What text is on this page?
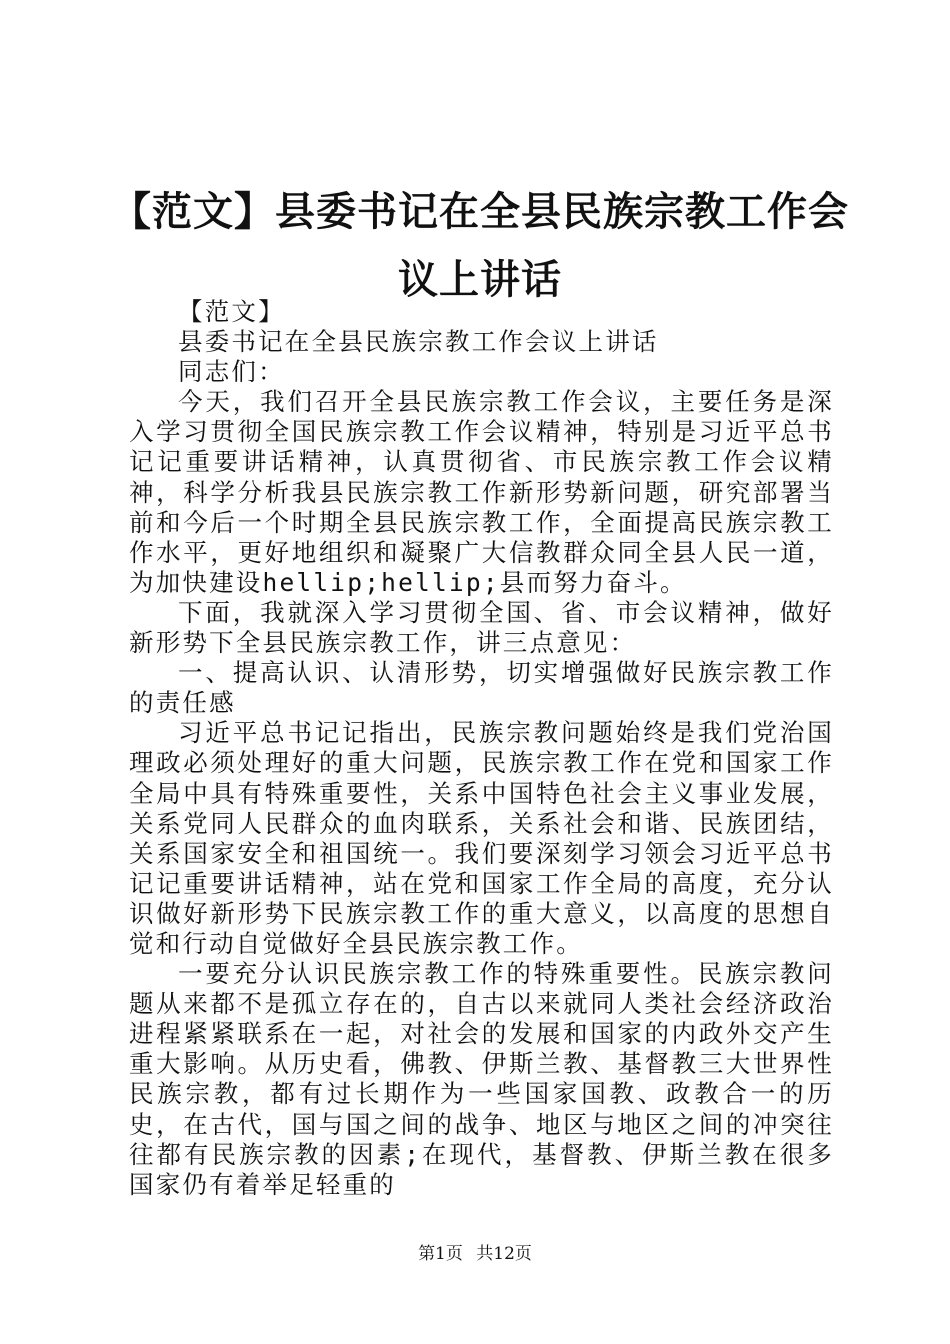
【范文】县委书记在全县民族宗教工作会议上讲话

【范文】

县委书记在全县民族宗教工作会议上讲话

同志们：

今天，我们召开全县民族宗教工作会议，主要任务是深入学习贯彻全国民族宗教工作会议精神，特别是习近平总书记记重要讲话精神，认真贯彻省、市民族宗教工作会议精神，科学分析我县民族宗教工作新形势新问题，研究部署当前和今后一个时期全县民族宗教工作，全面提高民族宗教工作水平，更好地组织和凝聚广大信教群众同全县人民一道，为加快建设hellip;hellip;县而努力奋斗。

下面，我就深入学习贯彻全国、省、市会议精神，做好新形势下全县民族宗教工作，讲三点意见：

一、提高认识、认清形势，切实增强做好民族宗教工作的责任感

习近平总书记记指出，民族宗教问题始终是我们党治国理政必须处理好的重大问题，民族宗教工作在党和国家工作全局中具有特殊重要性，关系中国特色社会主义事业发展，关系党同人民群众的血肉联系，关系社会和谐、民族团结，关系国家安全和祖国统一。我们要深刻学习领会习近平总书记记重要讲话精神，站在党和国家工作全局的高度，充分认识做好新形势下民族宗教工作的重大意义，以高度的思想自觉和行动自觉做好全县民族宗教工作。

一要充分认识民族宗教工作的特殊重要性。民族宗教问题从来都不是孤立存在的，自古以来就同人类社会经济政治进程紧紧联系在一起，对社会的发展和国家的内政外交产生重大影响。从历史看，佛教、伊斯兰教、基督教三大世界性民族宗教，都有过长期作为一些国家国教、政教合一的历史，在古代，国与国之间的战争、地区与地区之间的冲突往往都有民族宗教的因素;在现代，基督教、伊斯兰教在很多国家仍有着举足轻重的

第1页 共12页
